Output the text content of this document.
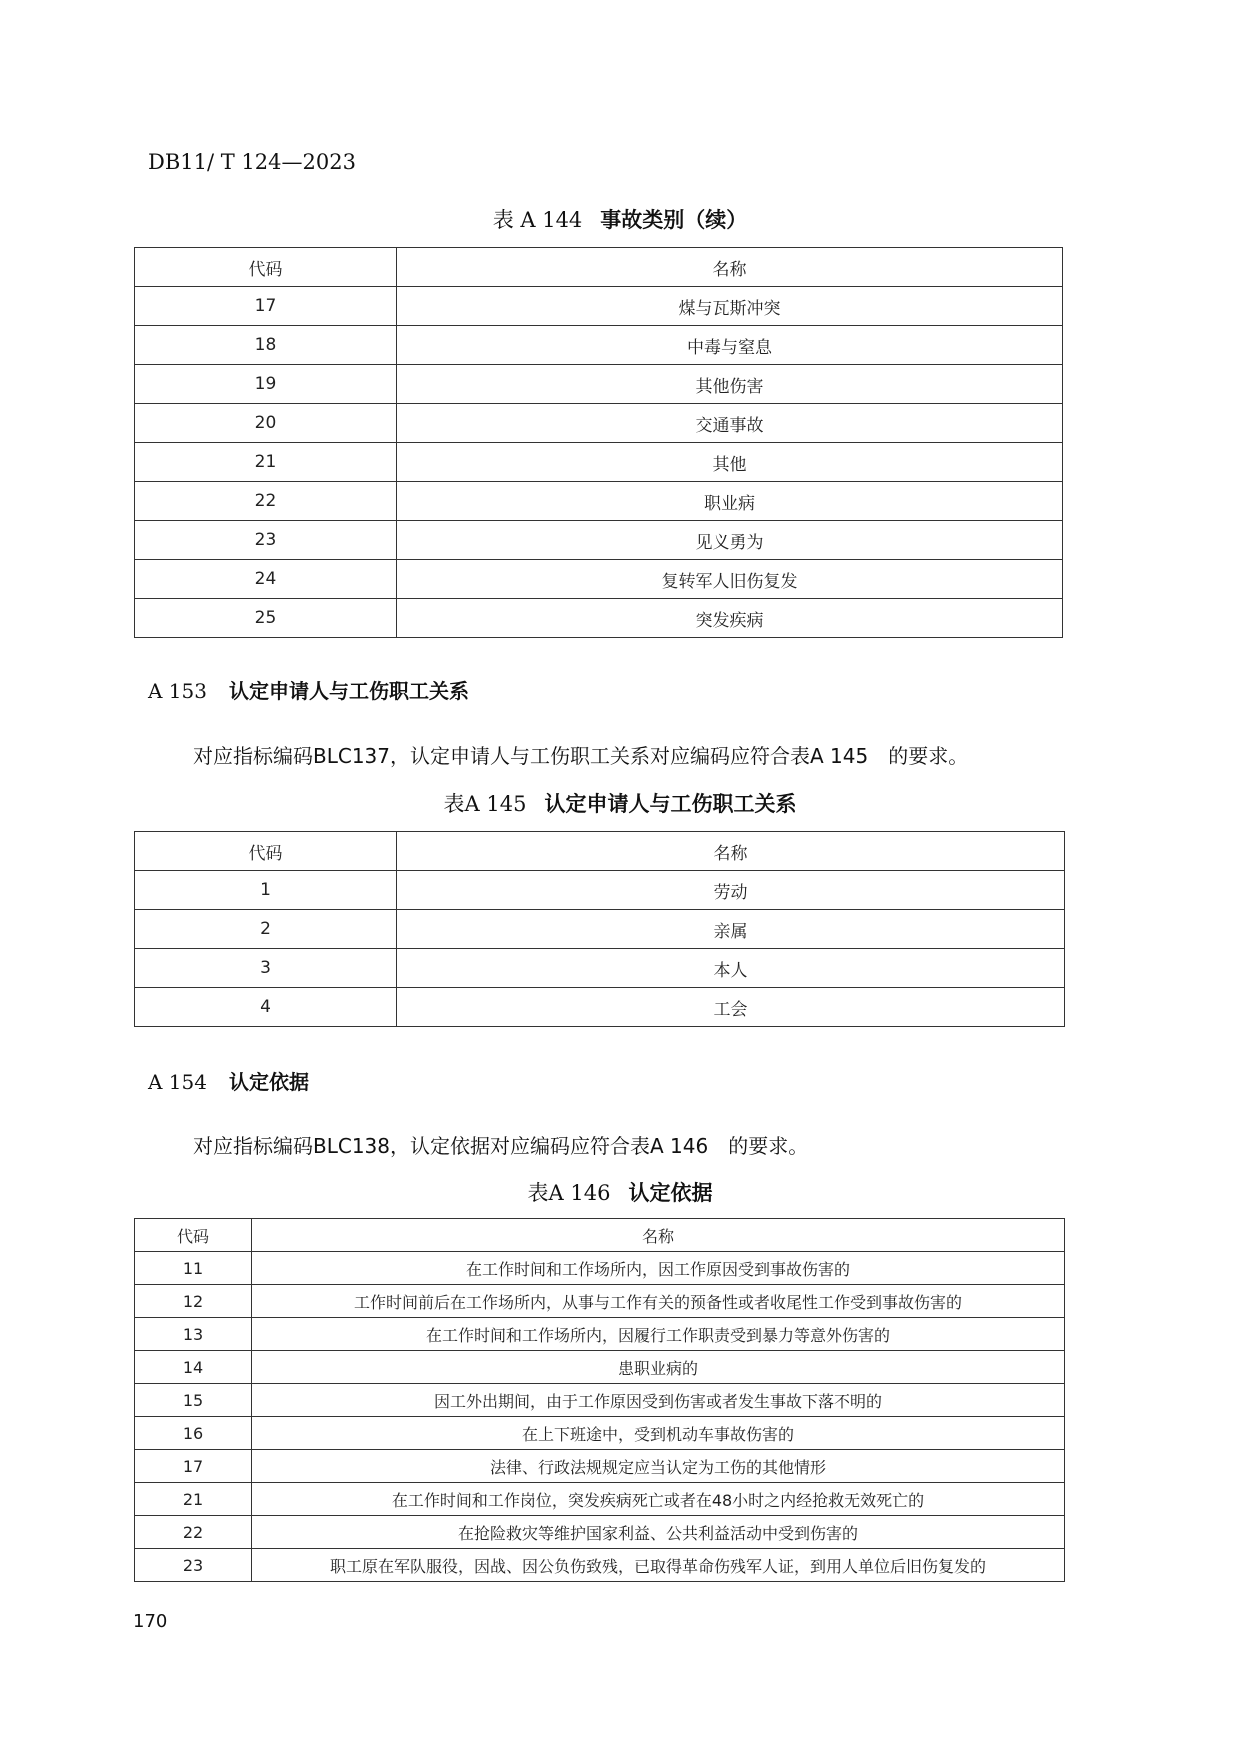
DB11/ T 124—2023
表 A 144 事故类别（续）
代码	名称
17	煤与瓦斯冲突
18	中毒与窒息
19	其他伤害
20	交通事故
21	其他
22	职业病
23	见义勇为
24	复转军人旧伤复发
25	突发疾病
A 153 认定申请人与工伤职工关系
对应指标编码BLC137，认定申请人与工伤职工关系对应编码应符合表A 145　的要求。
表A 145 认定申请人与工伤职工关系
代码	名称
1	劳动
2	亲属
3	本人
4	工会
A 154 认定依据
对应指标编码BLC138，认定依据对应编码应符合表A 146　的要求。
表A 146 认定依据
代码	名称
11	在工作时间和工作场所内，因工作原因受到事故伤害的
12	工作时间前后在工作场所内，从事与工作有关的预备性或者收尾性工作受到事故伤害的
13	在工作时间和工作场所内，因履行工作职责受到暴力等意外伤害的
14	患职业病的
15	因工外出期间，由于工作原因受到伤害或者发生事故下落不明的
16	在上下班途中，受到机动车事故伤害的
17	法律、行政法规规定应当认定为工伤的其他情形
21	在工作时间和工作岗位，突发疾病死亡或者在48小时之内经抢救无效死亡的
22	在抢险救灾等维护国家利益、公共利益活动中受到伤害的
23	职工原在军队服役，因战、因公负伤致残，已取得革命伤残军人证，到用人单位后旧伤复发的
170
